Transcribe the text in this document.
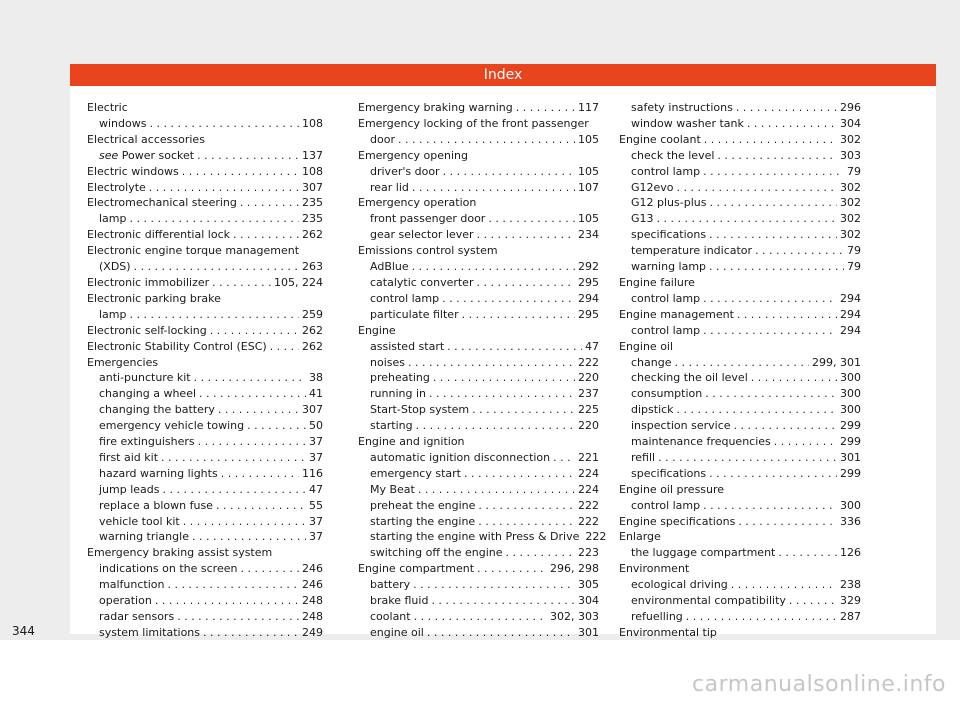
Index
Electric
windows . . .	108
Electrical accessories
see Power socket . . .	137
Electric windows . . .	108
Electrolyte . . .	307
Electromechanical steering . . .	235
lamp . . .	235
Electronic differential lock . . .	262
Electronic engine torque management
(XDS) . . .	263
Electronic immobilizer . . .	105, 224
Electronic parking brake
lamp . . .	259
Electronic self-locking . . .	262
Electronic Stability Control (ESC) . . .	262
Emergencies
anti-puncture kit . . .	38
changing a wheel . . .	41
changing the battery . . .	307
emergency vehicle towing . . .	50
fire extinguishers . . .	37
first aid kit . . .	37
hazard warning lights . . .	116
jump leads . . .	47
replace a blown fuse . . .	55
vehicle tool kit . . .	37
warning triangle . . .	37
Emergency braking assist system
indications on the screen . . .	246
malfunction . . .	246
operation . . .	248
radar sensors . . .	248
system limitations . . .	249
. . .
Emergency braking warning . . .	117
Emergency locking of the front passenger
door . . .	105
Emergency opening
driver's door . . .	105
rear lid . . .	107
Emergency operation
front passenger door . . .	105
gear selector lever . . .	234
Emissions control system
AdBlue . . .	292
catalytic converter . . .	295
control lamp . . .	294
particulate filter . . .	295
Engine
assisted start . . .	47
noises . . .	222
preheating . . .	220
running in . . .	237
Start-Stop system . . .	225
starting . . .	220
Engine and ignition
automatic ignition disconnection . . .	221
emergency start . . .	224
My Beat . . .	224
preheat the engine . . .	222
starting the engine . . .	222
starting the engine with Press & Drive 222
switching off the engine . . .	223
Engine compartment . . .	296, 298
battery . . .	305
brake fluid . . .	304
coolant . . .	302, 303
engine oil . . .	301
. . .
safety instructions . . .	296
window washer tank . . .	304
Engine coolant . . .	302
check the level . . .	303
control lamp . . .	79
G12evo . . .	302
G12 plus-plus . . .	302
G13 . . .	302
specifications . . .	302
temperature indicator . . .	79
warning lamp . . .	79
Engine failure
control lamp . . .	294
Engine management . . .	294
control lamp . . .	294
Engine oil
change . . .	299, 301
checking the oil level . . .	300
consumption . . .	300
dipstick . . .	300
inspection service . . .	299
maintenance frequencies . . .	299
refill . . .	301
specifications . . .	299
Engine oil pressure
control lamp . . .	300
Engine specifications . . .	336
Enlarge
the luggage compartment . . .	126
Environment
ecological driving . . .	238
environmental compatibility . . .	329
refuelling . . .	287
Environmental tip
. . .
344
carmanualsonline.info
